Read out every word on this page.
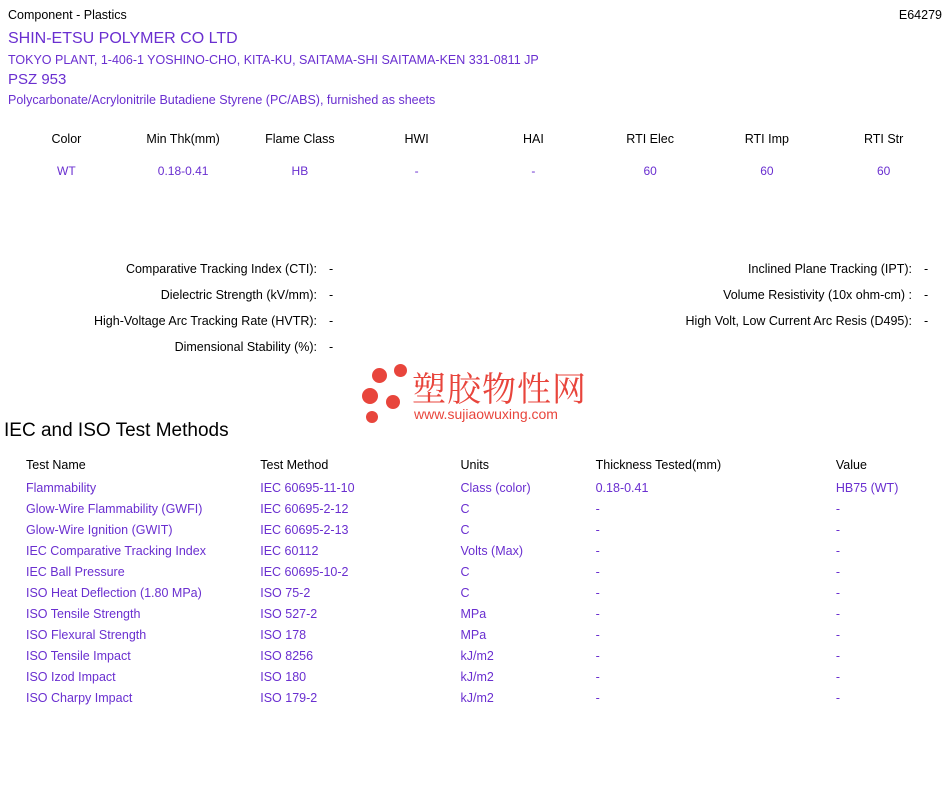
Component - Plastics	E64279
SHIN-ETSU POLYMER CO LTD
TOKYO PLANT, 1-406-1 YOSHINO-CHO, KITA-KU, SAITAMA-SHI SAITAMA-KEN 331-0811 JP
PSZ 953
Polycarbonate/Acrylonitrile Butadiene Styrene (PC/ABS), furnished as sheets
Color	Min Thk(mm)	Flame Class	HWI	HAI	RTI Elec	RTI Imp	RTI Str
WT	0.18-0.41	HB	-	-	60	60	60
Comparative Tracking Index (CTI): -	Inclined Plane Tracking (IPT): -
Dielectric Strength (kV/mm): -	Volume Resistivity (10x ohm-cm) : -
High-Voltage Arc Tracking Rate (HVTR): -	High Volt, Low Current Arc Resis (D495): -
Dimensional Stability (%): -
塑胶物性网
www.sujiaowuxing.com
IEC and ISO Test Methods
Test Name	Test Method	Units	Thickness Tested(mm)	Value
Flammability	IEC 60695-11-10	Class (color)	0.18-0.41	HB75 (WT)
Glow-Wire Flammability (GWFI)	IEC 60695-2-12	C	-	-
Glow-Wire Ignition (GWIT)	IEC 60695-2-13	C	-	-
IEC Comparative Tracking Index	IEC 60112	Volts (Max)	-	-
IEC Ball Pressure	IEC 60695-10-2	C	-	-
ISO Heat Deflection (1.80 MPa)	ISO 75-2	C	-	-
ISO Tensile Strength	ISO 527-2	MPa	-	-
ISO Flexural Strength	ISO 178	MPa	-	-
ISO Tensile Impact	ISO 8256	kJ/m2	-	-
ISO Izod Impact	ISO 180	kJ/m2	-	-
ISO Charpy Impact	ISO 179-2	kJ/m2	-	-
